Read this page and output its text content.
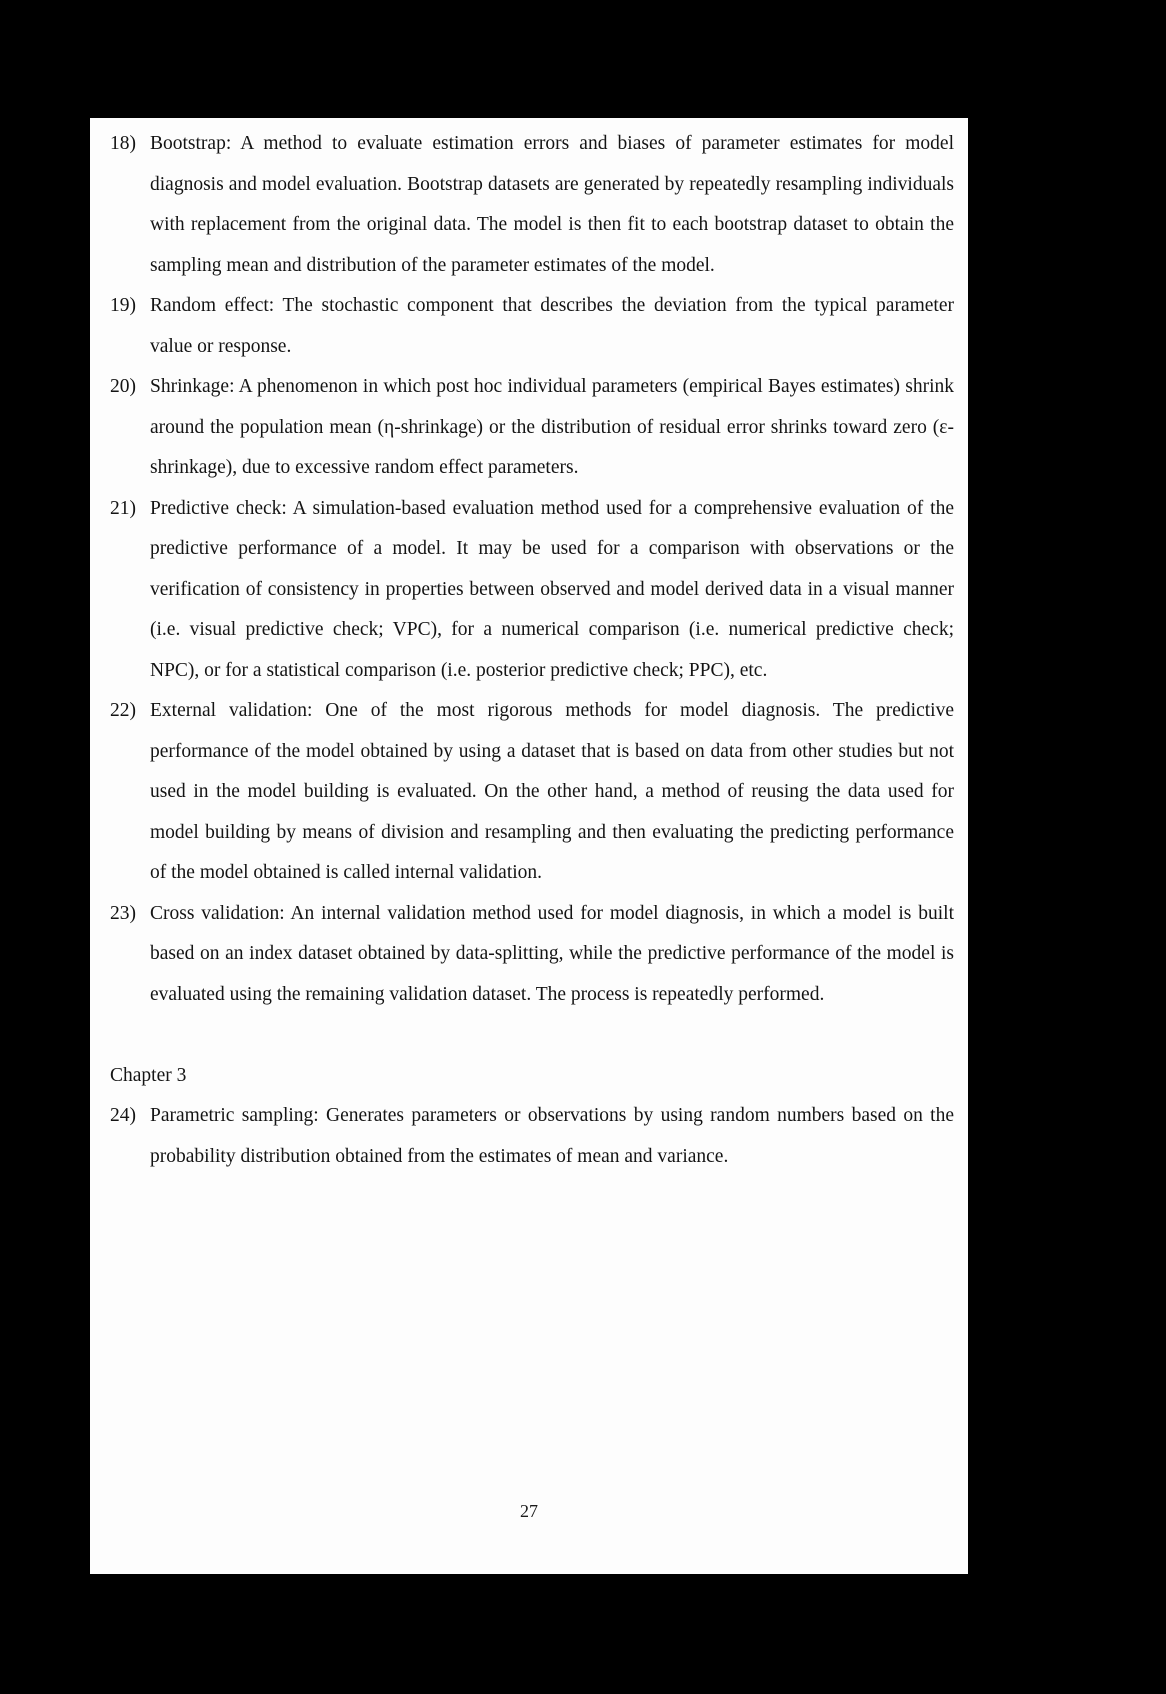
18) Bootstrap: A method to evaluate estimation errors and biases of parameter estimates for model diagnosis and model evaluation. Bootstrap datasets are generated by repeatedly resampling individuals with replacement from the original data. The model is then fit to each bootstrap dataset to obtain the sampling mean and distribution of the parameter estimates of the model.
19) Random effect: The stochastic component that describes the deviation from the typical parameter value or response.
20) Shrinkage: A phenomenon in which post hoc individual parameters (empirical Bayes estimates) shrink around the population mean (η-shrinkage) or the distribution of residual error shrinks toward zero (ε-shrinkage), due to excessive random effect parameters.
21) Predictive check: A simulation-based evaluation method used for a comprehensive evaluation of the predictive performance of a model. It may be used for a comparison with observations or the verification of consistency in properties between observed and model derived data in a visual manner (i.e. visual predictive check; VPC), for a numerical comparison (i.e. numerical predictive check; NPC), or for a statistical comparison (i.e. posterior predictive check; PPC), etc.
22) External validation: One of the most rigorous methods for model diagnosis. The predictive performance of the model obtained by using a dataset that is based on data from other studies but not used in the model building is evaluated. On the other hand, a method of reusing the data used for model building by means of division and resampling and then evaluating the predicting performance of the model obtained is called internal validation.
23) Cross validation: An internal validation method used for model diagnosis, in which a model is built based on an index dataset obtained by data-splitting, while the predictive performance of the model is evaluated using the remaining validation dataset. The process is repeatedly performed.
Chapter 3
24) Parametric sampling: Generates parameters or observations by using random numbers based on the probability distribution obtained from the estimates of mean and variance.
27
